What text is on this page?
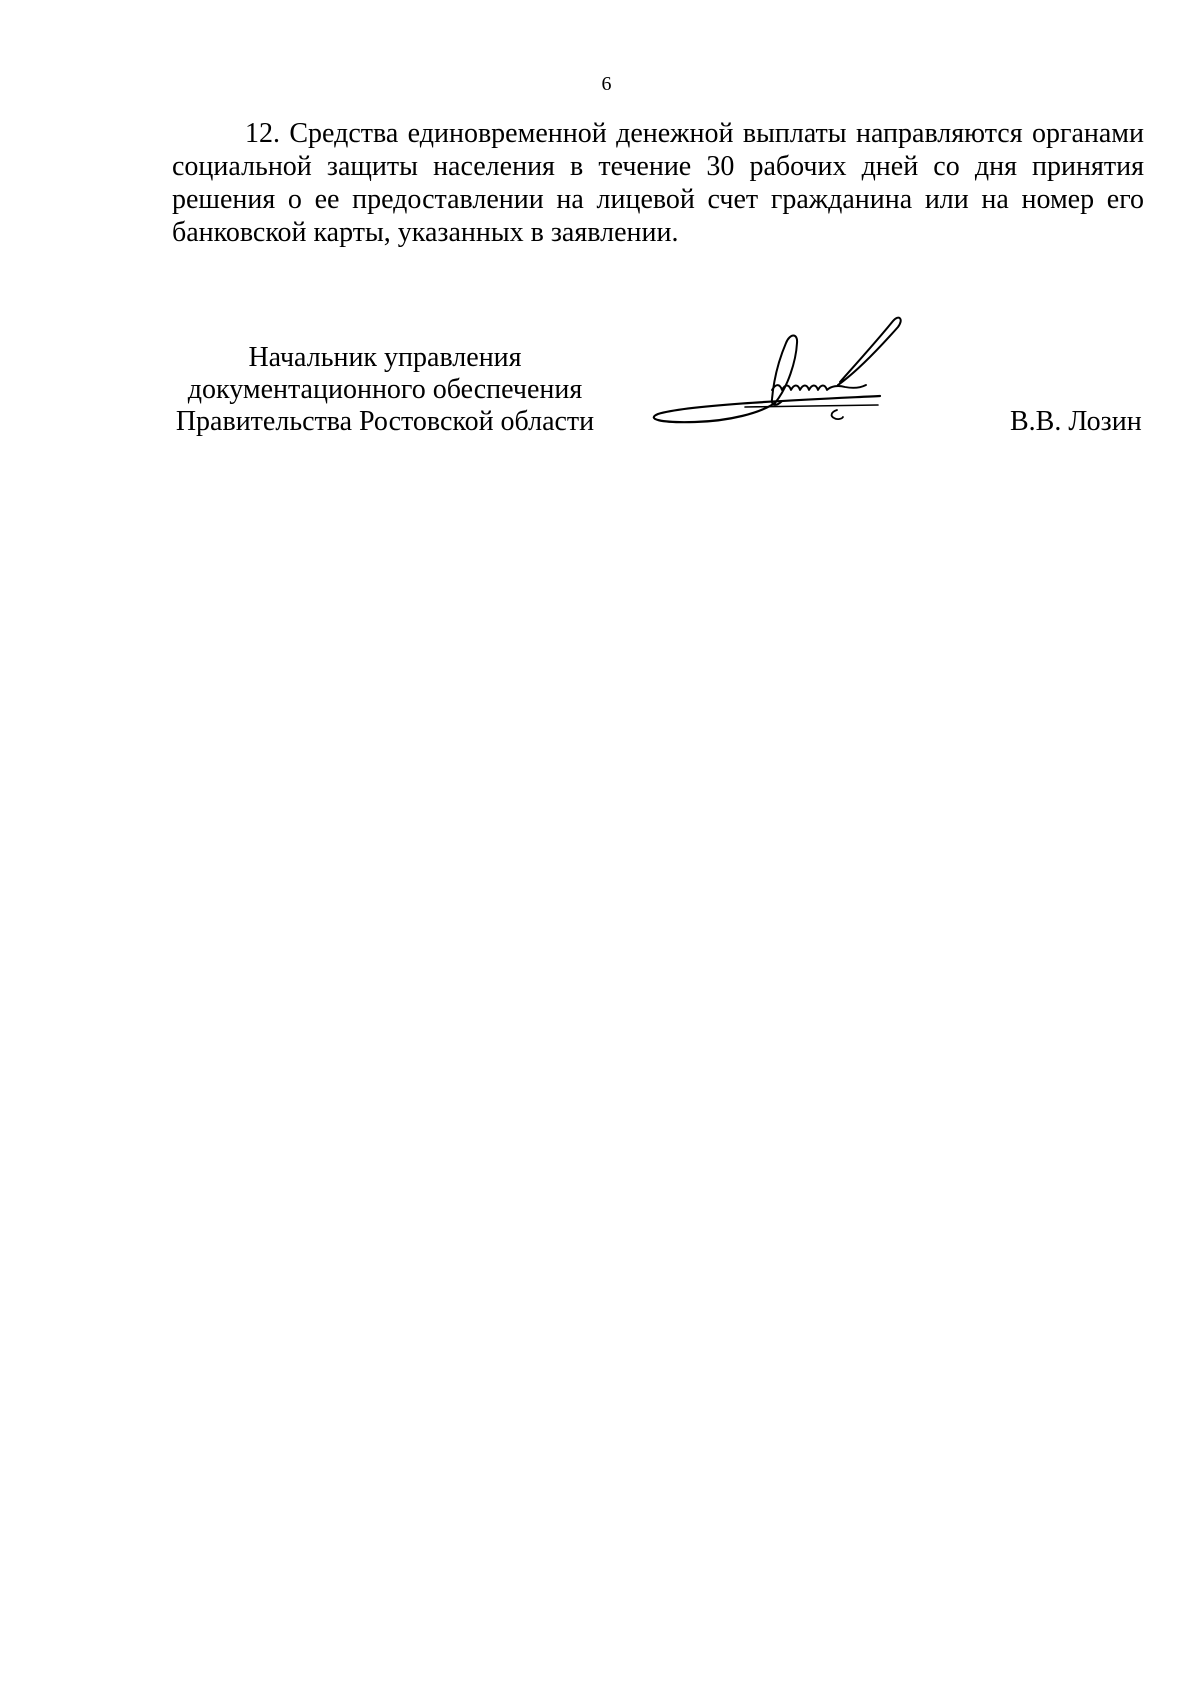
6

12. Средства единовременной денежной выплаты направляются органами социальной защиты населения в течение 30 рабочих дней со дня принятия решения о ее предоставлении на лицевой счет гражданина или на номер его банковской карты, указанных в заявлении.

Начальник управления
документационного обеспечения
Правительства Ростовской области	В.В. Лозин
